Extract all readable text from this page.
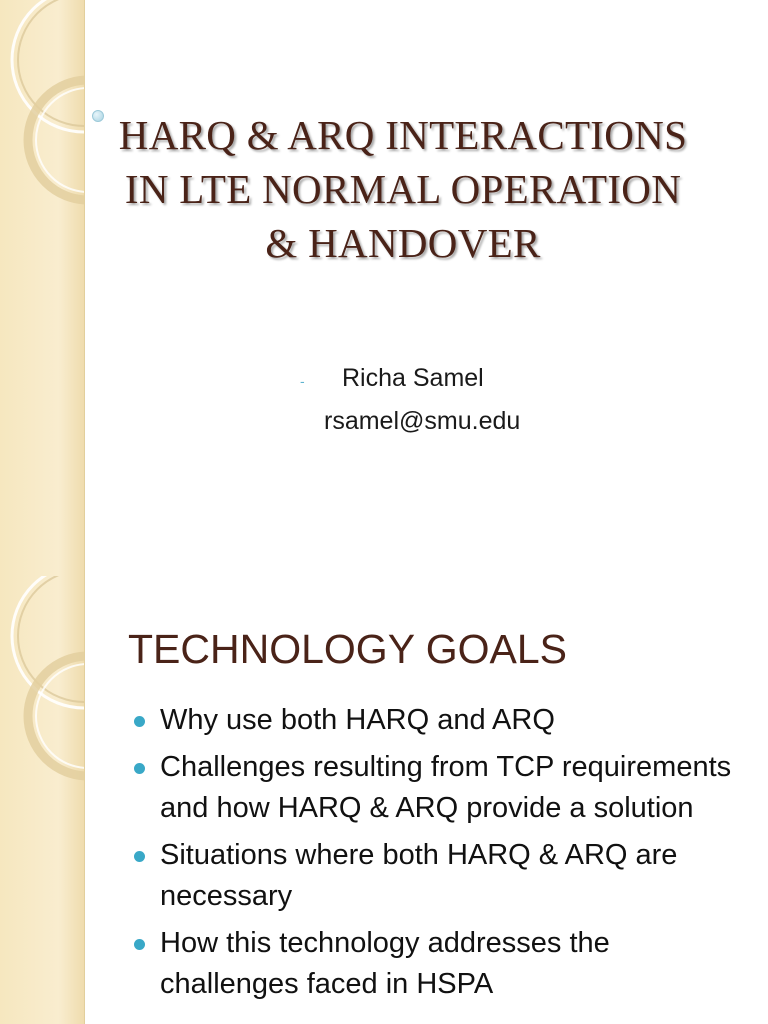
HARQ & ARQ INTERACTIONS
IN LTE NORMAL OPERATION
& HANDOVER
-	Richa Samel
rsamel@smu.edu
TECHNOLOGY GOALS
Why use both HARQ and ARQ
Challenges resulting from TCP requirements and how HARQ & ARQ provide a solution
Situations where both HARQ & ARQ are necessary
How this technology addresses the challenges faced in HSPA
